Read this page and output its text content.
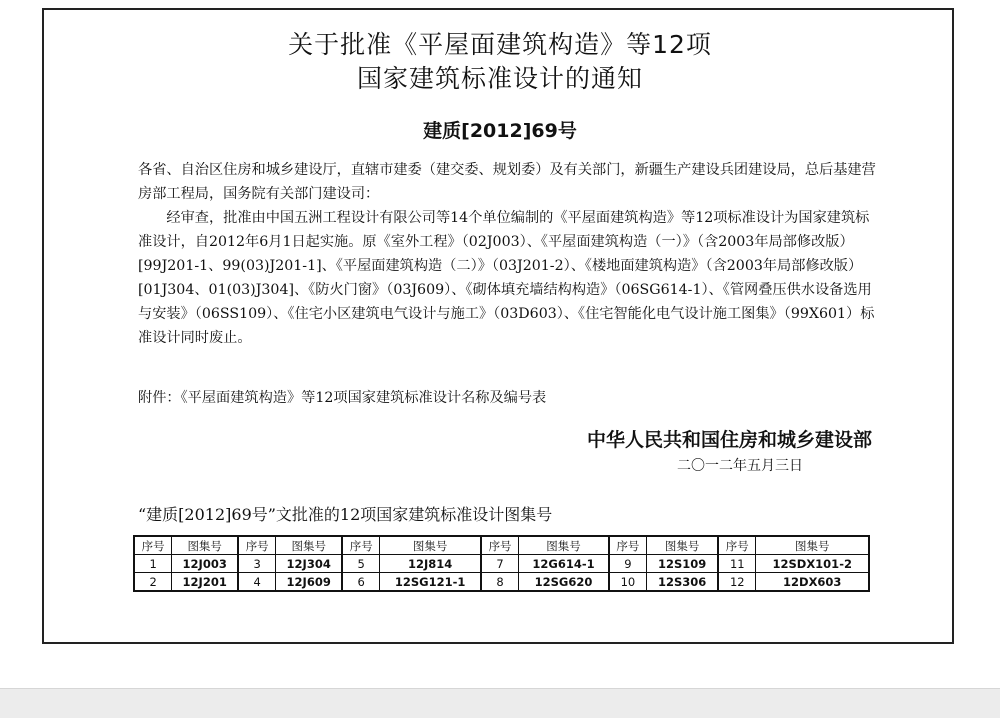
关于批准《平屋面建筑构造》等12项
国家建筑标准设计的通知
建质[2012]69号
各省、自治区住房和城乡建设厅，直辖市建委（建交委、规划委）及有关部门，新疆生产建设兵团建设局，总后基建营房部工程局，国务院有关部门建设司：

经审查，批准由中国五洲工程设计有限公司等14个单位编制的《平屋面建筑构造》等12项标准设计为国家建筑标准设计，自2012年6月1日起实施。原《室外工程》（02J003）、《平屋面建筑构造（一）》（含2003年局部修改版）[99J201-1、99(03)J201-1]、《平屋面建筑构造（二）》（03J201-2）、《楼地面建筑构造》（含2003年局部修改版）[01J304、01(03)J304]、《防火门窗》（03J609）、《砌体填充墙结构构造》（06SG614-1）、《管网叠压供水设备选用与安装》（06SS109）、《住宅小区建筑电气设计与施工》（03D603）、《住宅智能化电气设计施工图集》（99X601）标准设计同时废止。

附件：《平屋面建筑构造》等12项国家建筑标准设计名称及编号表
中华人民共和国住房和城乡建设部
二〇一二年五月三日
“建质[2012]69号”文批准的12项国家建筑标准设计图集号
序号	图集号	序号	图集号	序号	图集号	序号	图集号	序号	图集号	序号	图集号
1	12J003	3	12J304	5	12J814	7	12G614-1	9	12S109	11	12SDX101-2
2	12J201	4	12J609	6	12SG121-1	8	12SG620	10	12S306	12	12DX603
